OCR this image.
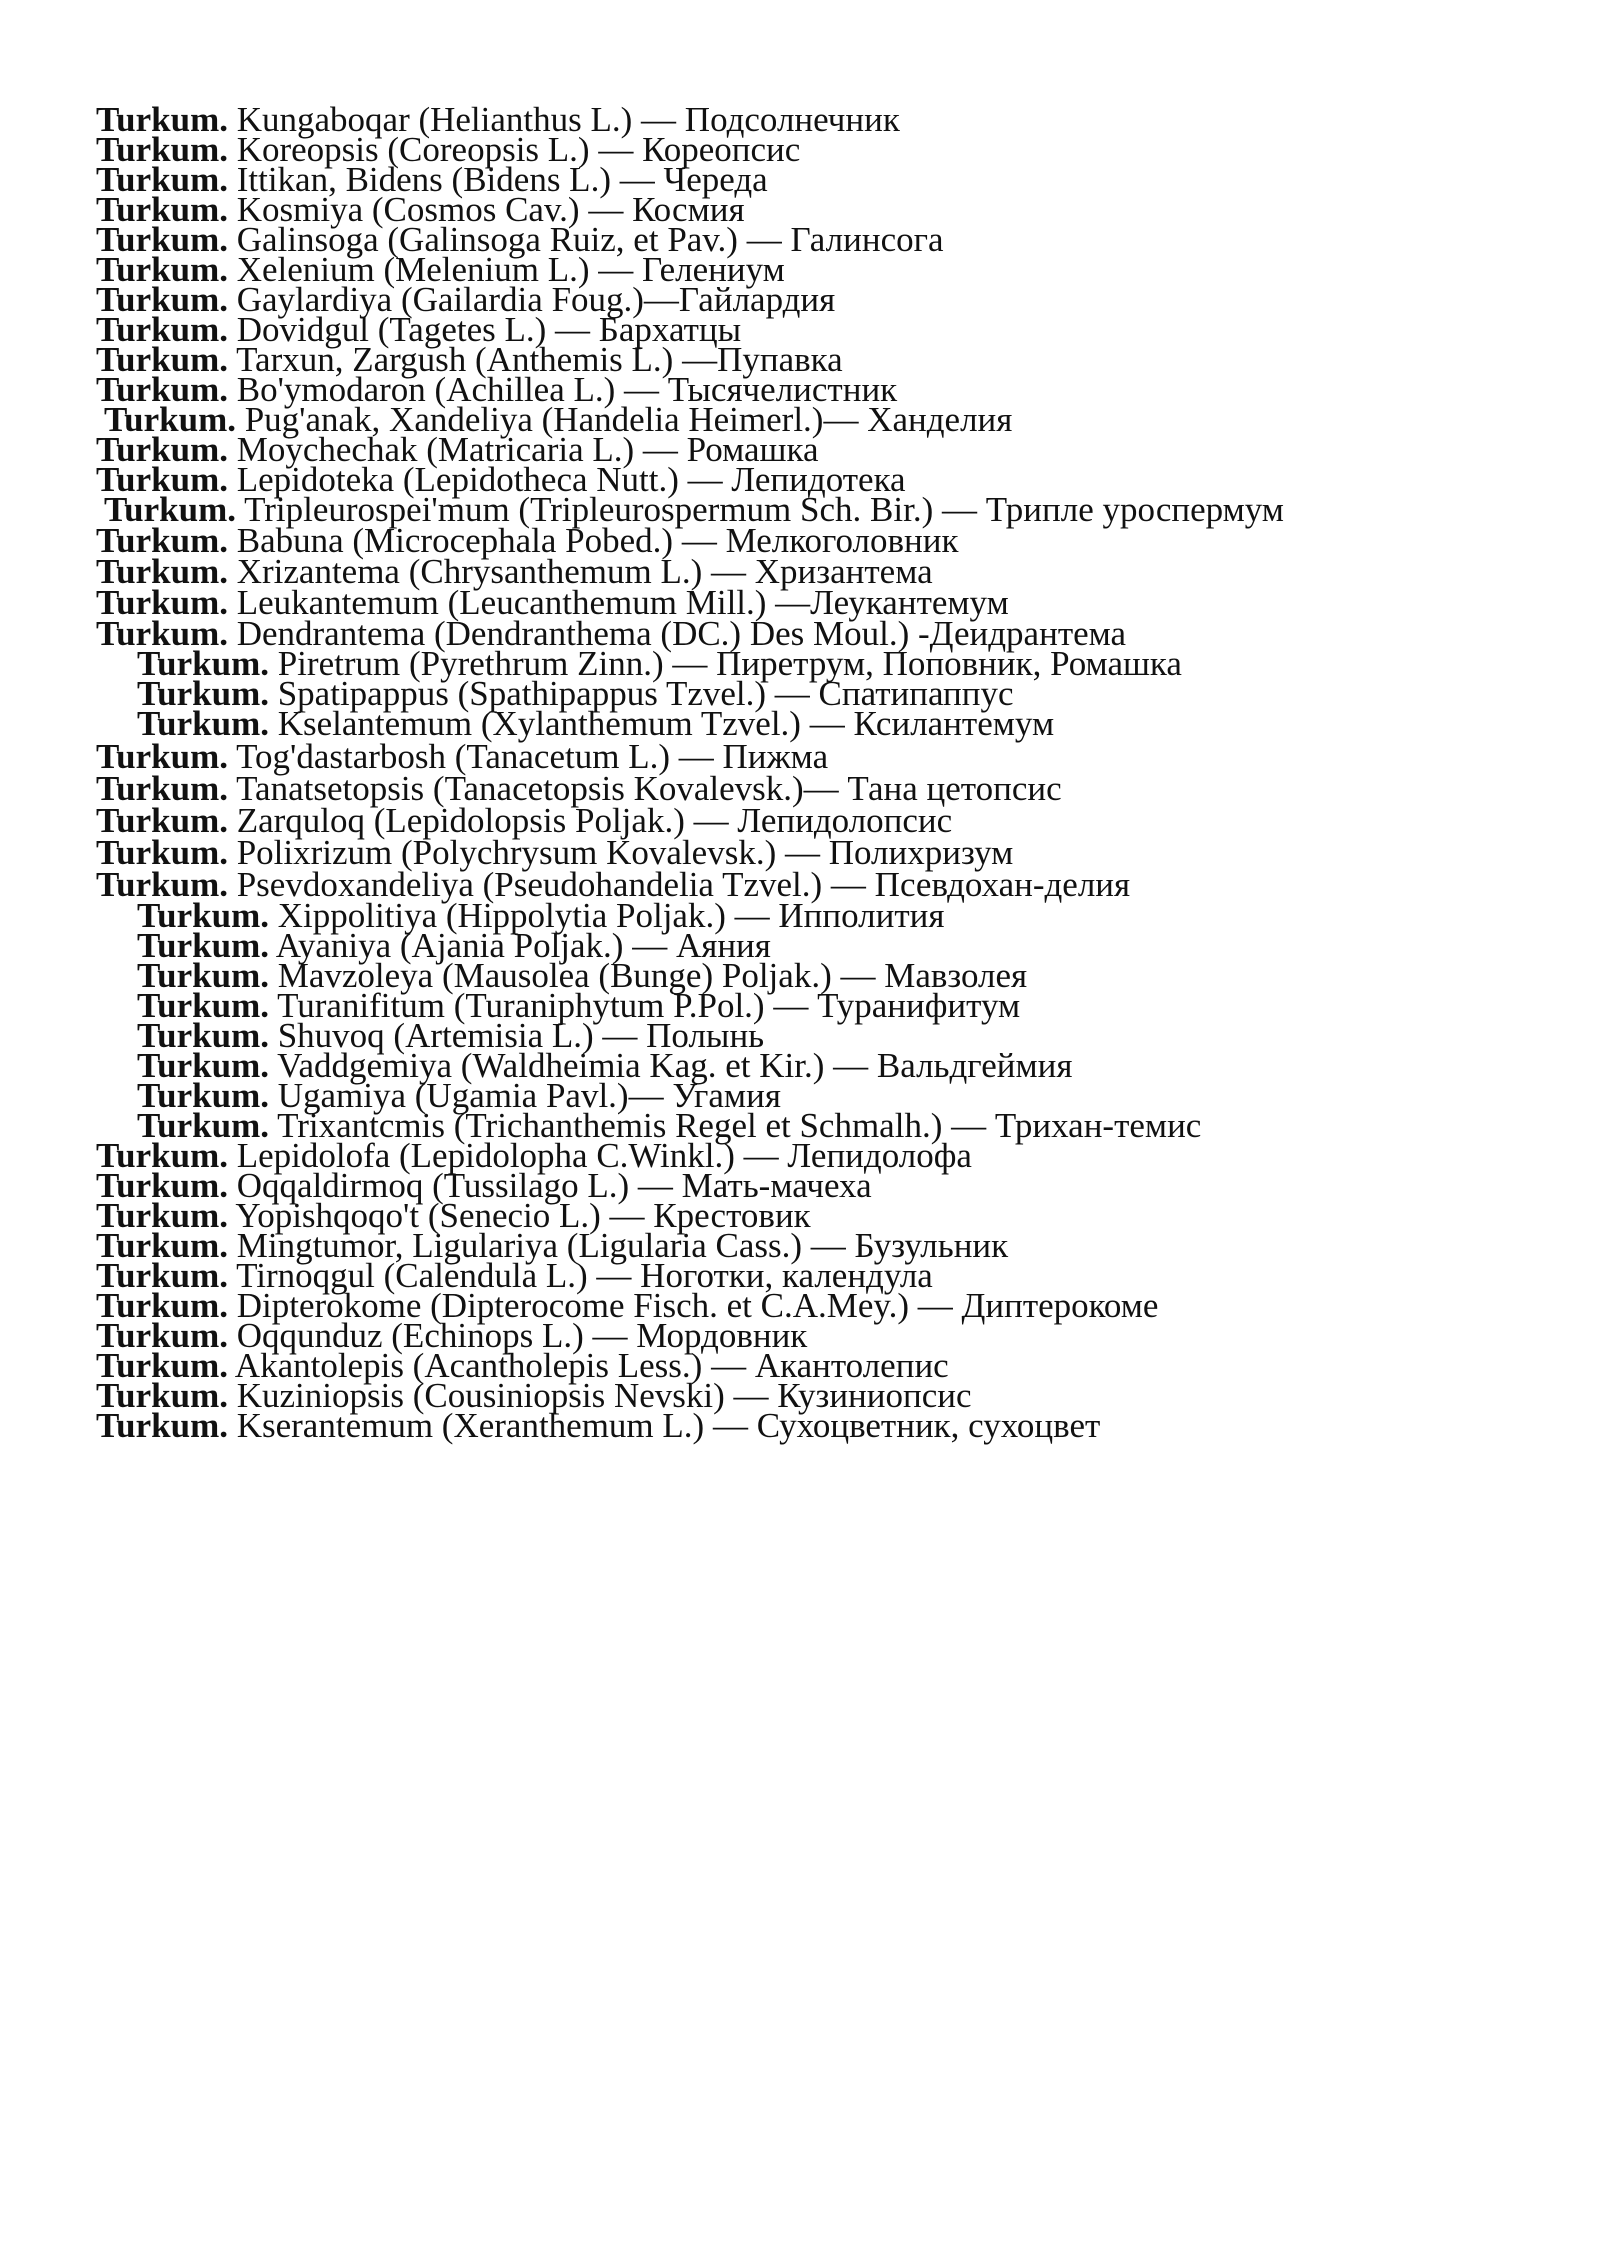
Turkum. Kungaboqar (Helianthus L.) — Подсолнечник
Turkum. Koreopsis (Coreopsis L.) — Кореопсис
Turkum. Ittikan, Bidens (Bidens L.) — Череда
Turkum. Kosmiya (Cosmos Cav.) — Космия
Turkum. Galinsoga (Galinsoga Ruiz, et Pav.) — Галинсога
Turkum. Xelenium (Melenium L.) — Гелениум
Turkum. Gaylardiya (Gailardia Foug.)—Гайлардия
Turkum. Dovidgul (Tagetes L.) — Бархатцы
Turkum. Tarxun, Zargush (Anthemis L.) —Пупавка
Turkum. Bo'ymodaron (Achillea L.) — Тысячелистник
Turkum. Pug'anak, Xandeliya (Handelia Heimerl.)— Ханделия
Turkum. Moychechak (Matricaria L.) — Ромашка
Turkum. Lepidoteka (Lepidotheca Nutt.) — Лепидотека
Turkum. Tripleurospei'mum (Tripleurospermum Sch. Bir.) — Трипле уроспермум
Turkum. Babuna (Microcephala Pobed.) — Мелкоголовник
Turkum. Xrizantema (Chrysanthemum L.) — Хризантема
Turkum. Leukantemum (Leucanthemum Mill.) —Леукантемум
Turkum. Dendrantema (Dendranthema (DC.) Des Moul.) -Деидрантема
Turkum. Piretrum (Pyrethrum Zinn.) — Пиретрум, Поповник, Ромашка
Turkum. Spatipappus (Spathipappus Tzvel.) — Спатипаппус
Turkum. Kselantemum (Xylanthemum Tzvel.) — Ксилантемум
Turkum. Tog'dastarbosh (Tanacetum L.) — Пижма
Turkum. Tanatsetopsis (Tanacetopsis Kovalevsk.)— Тана цетопсис
Turkum. Zarquloq (Lepidolopsis Poljak.) — Лепидолопсис
Turkum. Polixrizum (Polychrysum Kovalevsk.) — Полихризум
Turkum. Psevdoxandeliya (Pseudohandelia Tzvel.) — Псевдохан-делия
Turkum. Xippolitiya (Hippolytia Poljak.) — Ипполития
Turkum. Ayaniya (Ajania Poljak.) — Аяния
Turkum. Mavzoleya (Mausolea (Bunge) Poljak.) — Мавзолея
Turkum. Turanifitum (Turaniphytum P.Pol.) — Туранифитум
Turkum. Shuvoq (Artemisia L.) — Полынь
Turkum. Vaddgemiya (Waldheimia Kag. et Kir.) — Вальдгеймия
Turkum. Ugamiya (Ugamia Pavl.)— Угамия
Turkum. Trixantcmis (Trichanthemis Regel et Schmalh.) — Трихан-темис
Turkum. Lepidolofa (Lepidolopha C.Winkl.) — Лепидолофа
Turkum. Oqqaldirmoq (Tussilago L.) — Мать-мачеха
Turkum. Yopishqoqo't (Senecio L.) — Крестовик
Turkum. Mingtumor, Ligulariya (Ligularia Cass.) — Бузульник
Turkum. Tirnoqgul (Calendula L.) — Ноготки, календула
Turkum. Dipterokome (Dipterocome Fisch. et C.A.Mey.) — Диптерокоме
Turkum. Oqqunduz (Echinops L.) — Мордовник
Turkum. Akantolepis (Acantholepis Less.) — Акантолепис
Turkum. Kuziniopsis (Cousiniopsis Nevski) — Кузиниопсис
Turkum. Kserantemum (Xeranthemum L.) — Сухоцветник, сухоцвет
